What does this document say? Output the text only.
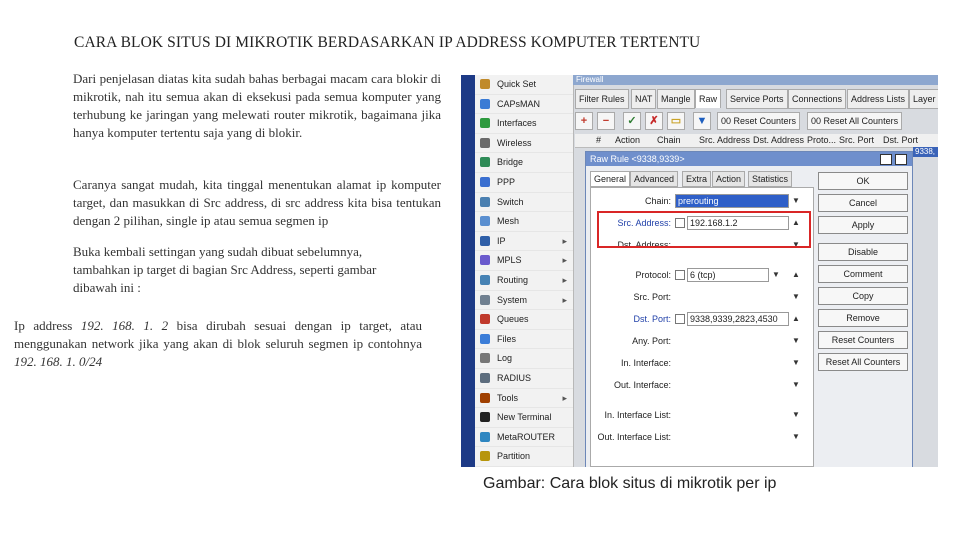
CARA BLOK SITUS DI MIKROTIK BERDASARKAN IP ADDRESS KOMPUTER TERTENTU
Dari penjelasan diatas kita sudah bahas berbagai macam cara blokir di mikrotik, nah itu semua akan di eksekusi pada semua komputer yang terhubung ke jaringan yang melewati router mikrotik, bagaimana jika hanya komputer tertentu saja yang di blokir.
Caranya sangat mudah, kita tinggal menentukan alamat ip komputer target, dan masukkan di Src address, di src address kita bisa tentukan dengan 2 pilihan, single ip atau semua segmen ip
Buka kembali settingan yang sudah dibuat sebelumnya, tambahkan ip target di bagian Src Address, seperti gambar dibawah ini :
Ip address 192. 168. 1. 2 bisa dirubah sesuai dengan ip target, atau menggunakan network jika yang akan di blok seluruh segmen ip contohnya 192. 168. 1. 0/24
Quick Set
CAPsMAN
Interfaces
Wireless
Bridge
PPP
Switch
Mesh
IP	▸
MPLS	▸
Routing	▸
System	▸
Queues
Files
Log
RADIUS
Tools	▸
New Terminal
MetaROUTER
Partition
Firewall
Filter Rules	NAT Mangle Raw	Service Ports Connections Address Lists Layer
+	−	✓	✗	▭	▼	00 Reset Counters	00 Reset All Counters
# Action Chain Src. Address Dst. Address Proto... Src. Port Dst. Port
9338,
Raw Rule <9338,9339>	×
General Advanced	Extra Action	Statistics
Chain: prerouting	▼
Src. Address:	192.168.1.2	▲
Dst. Address:	▼
Protocol:	6 (tcp)	▼ ▲
Src. Port:	▼
Dst. Port:	9338,9339,2823,4530	▲
Any. Port:	▼
In. Interface:	▼
Out. Interface:	▼
In. Interface List:	▼
Out. Interface List:	▼
OK
Cancel
Apply
Disable
Comment
Copy
Remove
Reset Counters
Reset All Counters
Gambar: Cara blok situs di mikrotik per ip
